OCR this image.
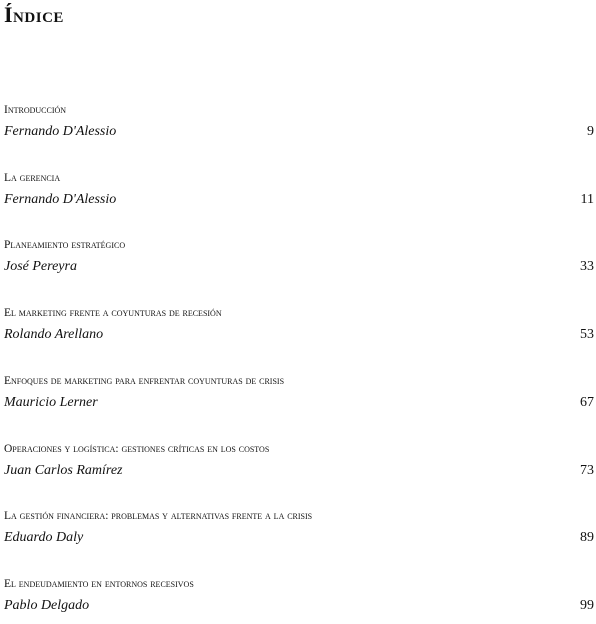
Índice
Introducción
Fernando D'Alessio	9
La gerencia
Fernando D'Alessio	11
Planeamiento estratégico
José Pereyra	33
El marketing frente a coyunturas de recesión
Rolando Arellano	53
Enfoques de marketing para enfrentar coyunturas de crisis
Mauricio Lerner	67
Operaciones y logística: gestiones críticas en los costos
Juan Carlos Ramírez	73
La gestión financiera: problemas y alternativas frente a la crisis
Eduardo Daly	89
El endeudamiento en entornos recesivos
Pablo Delgado	99
